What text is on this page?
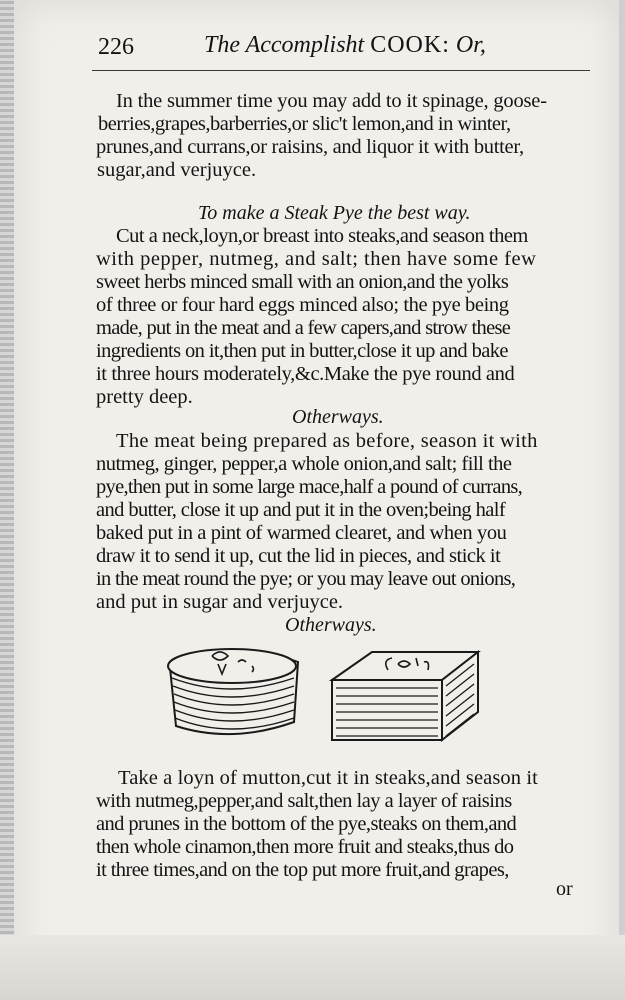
226	The Accomplisht COOK: Or,
In the summer time you may add to it spinage, goose-
berries,grapes,barberries,or slic't lemon,and in winter,
prunes,and currans,or raisins, and liquor it with butter,
sugar,and verjuyce.
To make a Steak Pye the best way.
Cut a neck,loyn,or breast into steaks,and season them
with pepper, nutmeg, and salt; then have some few
sweet herbs minced small with an onion,and the yolks
of three or four hard eggs minced also; the pye being
made, put in the meat and a few capers,and strow these
ingredients on it,then put in butter,close it up and bake
it three hours moderately,&c.Make the pye round and
pretty deep.
Otherways.
The meat being prepared as before, season it with
nutmeg, ginger, pepper,a whole onion,and salt; fill the
pye,then put in some large mace,half a pound of currans,
and butter, close it up and put it in the oven;being half
baked put in a pint of warmed clearet, and when you
draw it to send it up, cut the lid in pieces, and stick it
in the meat round the pye; or you may leave out onions,
and put in sugar and verjuyce.
Otherways.
Take a loyn of mutton,cut it in steaks,and season it
with nutmeg,pepper,and salt,then lay a layer of raisins
and prunes in the bottom of the pye,steaks on them,and
then whole cinamon,then more fruit and steaks,thus do
it three times,and on the top put more fruit,and grapes,
or
